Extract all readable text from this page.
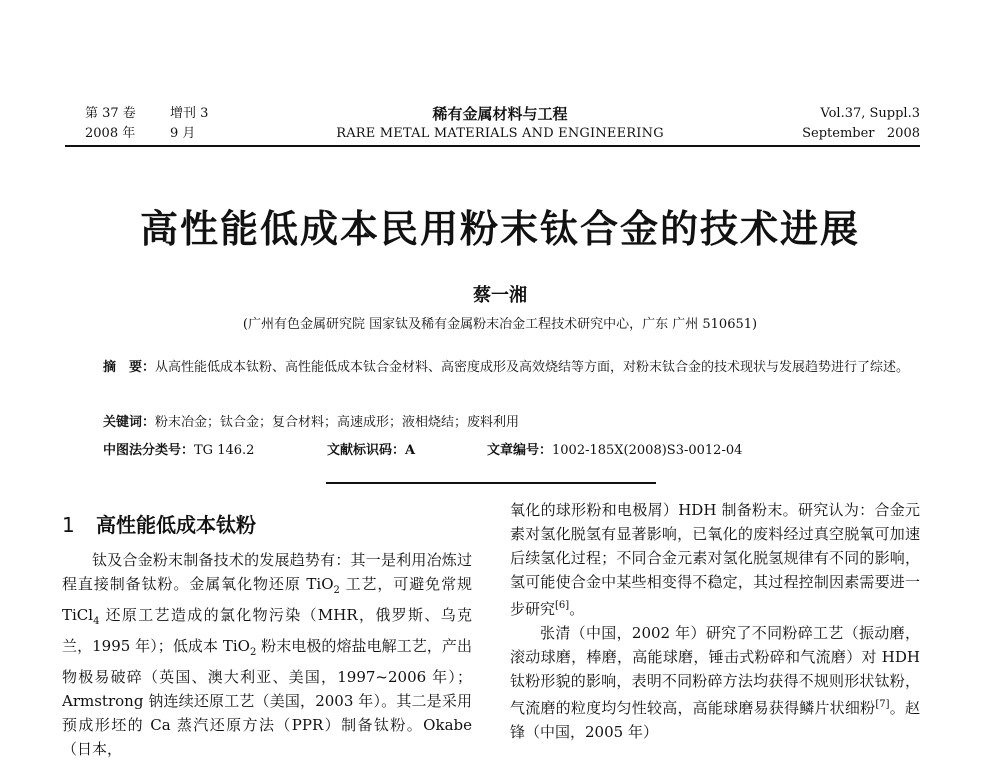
第 37 卷	增刊 3
2008 年	9 月
稀有金属材料与工程
RARE METAL MATERIALS AND ENGINEERING
Vol.37, Suppl.3
September   2008
高性能低成本民用粉末钛合金的技术进展
蔡一湘
(广州有色金属研究院 国家钛及稀有金属粉末冶金工程技术研究中心，广东 广州 510651)
摘　要：从高性能低成本钛粉、高性能低成本钛合金材料、高密度成形及高效烧结等方面，对粉末钛合金的技术现状与发展趋势进行了综述。
关键词：粉末冶金；钛合金；复合材料；高速成形；液相烧结；废料利用
中图法分类号：TG 146.2	文献标识码：A	文章编号：1002-185X(2008)S3-0012-04
1 高性能低成本钛粉

钛及合金粉末制备技术的发展趋势有：其一是利用冶炼过程直接制备钛粉。金属氧化物还原 TiO$_2$ 工艺，可避免常规 TiCl$_4$ 还原工艺造成的氯化物污染（MHR，俄罗斯、乌克兰，1995 年）；低成本 TiO$_2$ 粉末电极的熔盐电解工艺，产出物极易破碎（英国、澳大利亚、美国，1997~2006 年）；Armstrong 钠连续还原工艺（美国，2003 年）。其二是采用预成形坯的 Ca 蒸汽还原方法（PPR）制备钛粉。Okabe（日本，

氧化的球形粉和电极屑）HDH 制备粉末。研究认为：合金元素对氢化脱氢有显著影响，已氧化的废料经过真空脱氧可加速后续氢化过程；不同合金元素对氢化脱氢规律有不同的影响，氢可能使合金中某些相变得不稳定，其过程控制因素需要进一步研究[6]。

张清（中国，2002 年）研究了不同粉碎工艺（振动磨，滚动球磨，棒磨，高能球磨，锤击式粉碎和气流磨）对 HDH 钛粉形貌的影响，表明不同粉碎方法均获得不规则形状钛粉，气流磨的粒度均匀性较高，高能球磨易获得鳞片状细粉[7]。赵锋（中国，2005 年）
